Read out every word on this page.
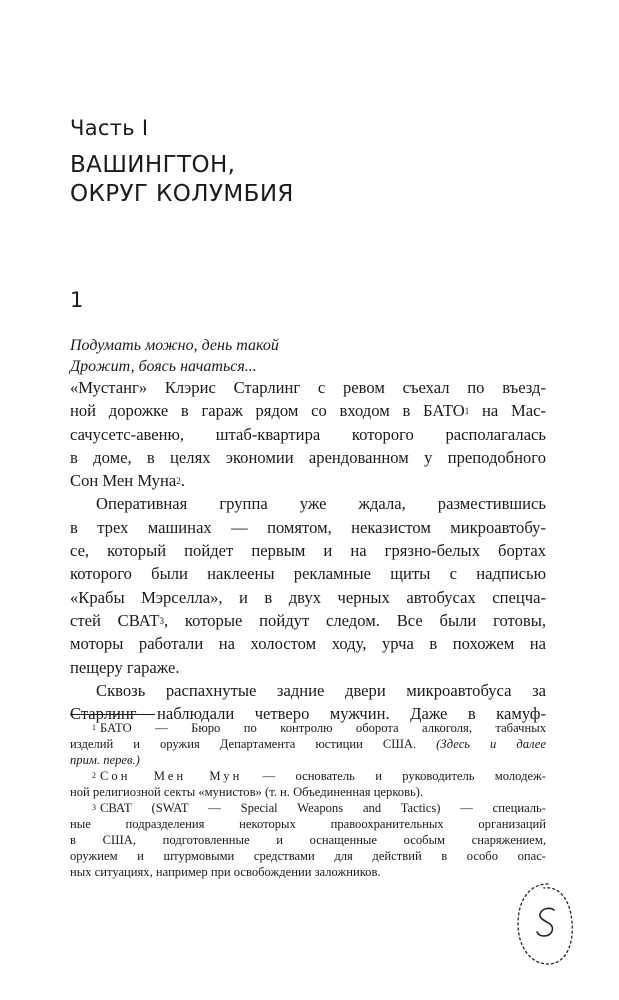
Часть I
ВАШИНГТОН,
ОКРУГ КОЛУМБИЯ
1
Подумать можно, день такой
Дрожит, боясь начаться...
«Мустанг» Клэрис Старлинг с ревом съехал по въезд-
ной дорожке в гараж рядом со входом в БАТО$^1$ на Мас-
сачусетс-авеню, штаб-квартира которого располагалась
в доме, в целях экономии арендованном у преподобного
Сон Мен Муна$^2$.
Оперативная группа уже ждала, разместившись
в трех машинах — помятом, неказистом микроавтобу-
се, который пойдет первым и на грязно-белых бортах
которого были наклеены рекламные щиты с надписью
«Крабы Мэрселла», и в двух черных автобусах спецча-
стей СВАТ$^3$, которые пойдут следом. Все были готовы,
моторы работали на холостом ходу, урча в похожем на
пещеру гараже.
Сквозь распахнутые задние двери микроавтобуса за
Старлинг наблюдали четверо мужчин. Даже в камуф-
$^1$ БАТО — Бюро по контролю оборота алкоголя, табачных
изделий и оружия Департамента юстиции США. (Здесь и далее
прим. перев.)
$^2$ Сон Мен Мун — основатель и руководитель молодеж-
ной религиозной секты «мунистов» (т. н. Объединенная церковь).
$^3$ СВАТ (SWAT — Special Weapons and Tactics) — специаль-
ные подразделения некоторых правоохранительных организаций
в США, подготовленные и оснащенные особым снаряжением,
оружием и штурмовыми средствами для действий в особо опас-
ных ситуациях, например при освобождении заложников.
